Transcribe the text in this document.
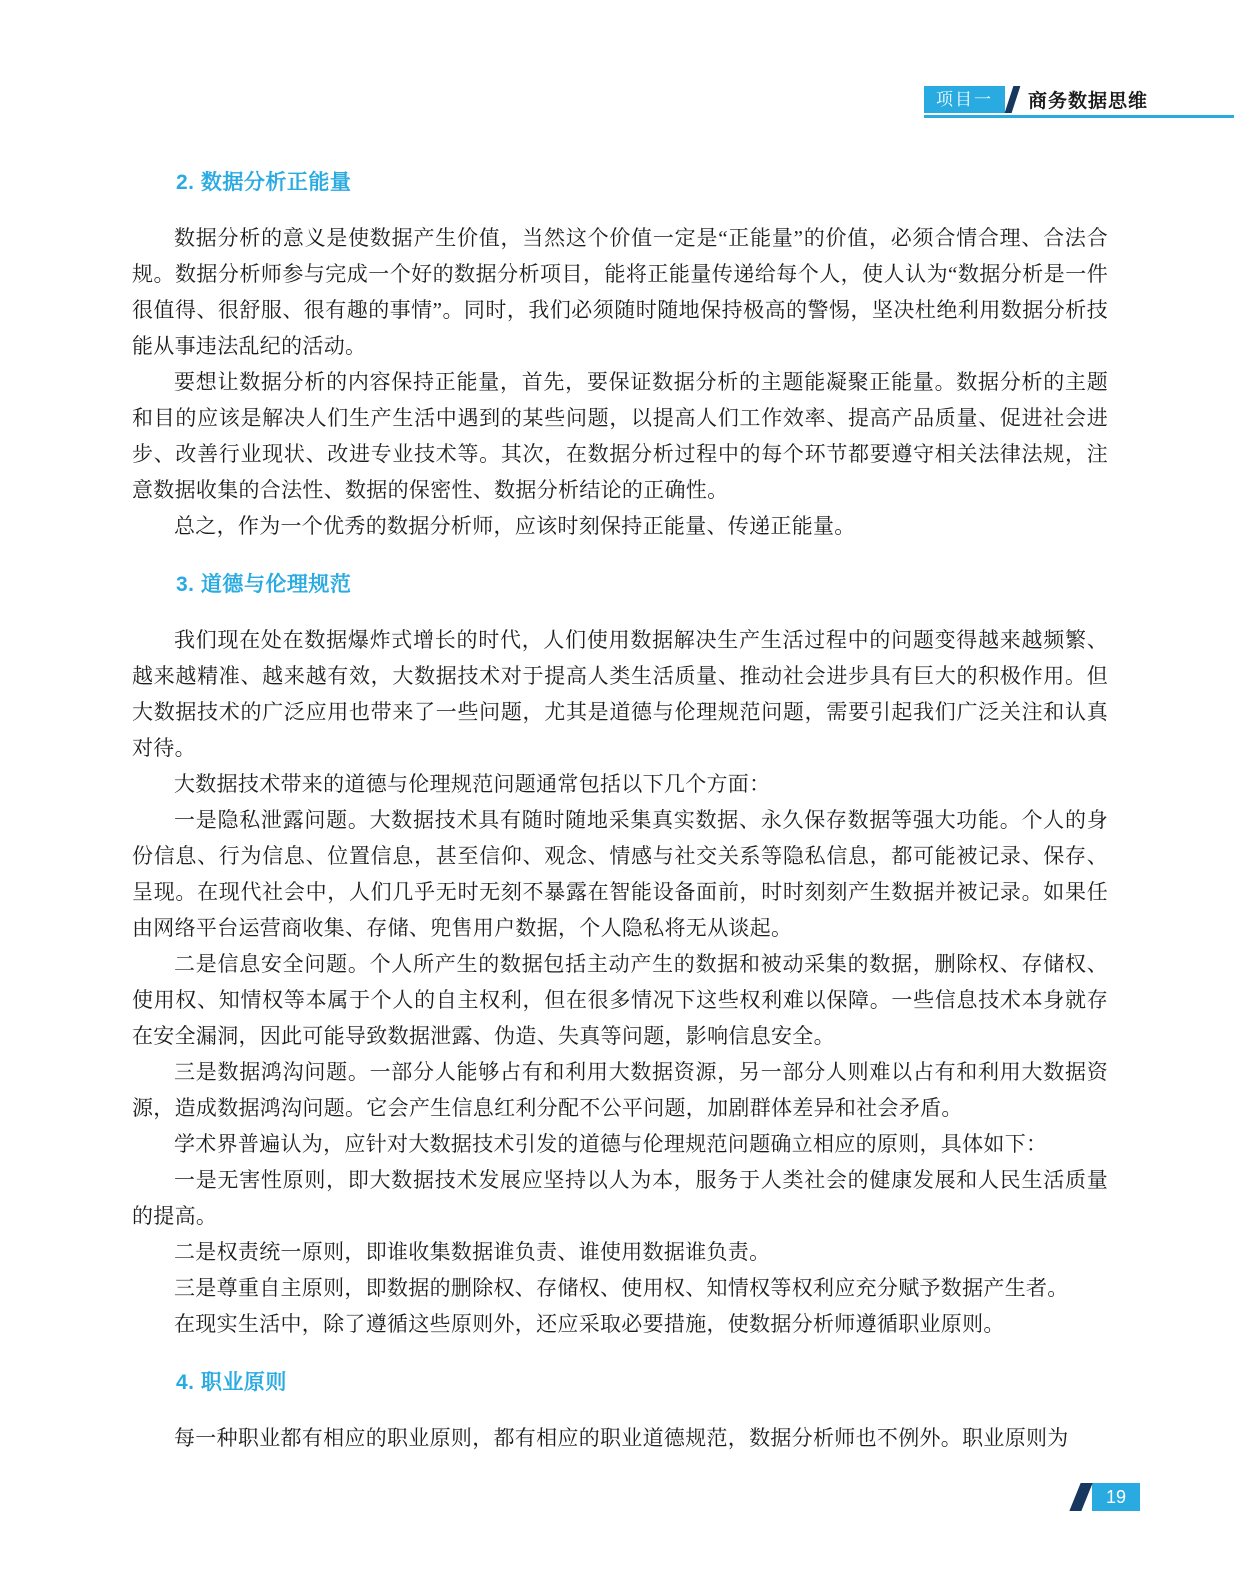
项目一	商务数据思维
2. 数据分析正能量

数据分析的意义是使数据产生价值，当然这个价值一定是“正能量”的价值，必须合情合理、合法合规。数据分析师参与完成一个好的数据分析项目，能将正能量传递给每个人，使人认为“数据分析是一件很值得、很舒服、很有趣的事情”。同时，我们必须随时随地保持极高的警惕，坚决杜绝利用数据分析技能从事违法乱纪的活动。

要想让数据分析的内容保持正能量，首先，要保证数据分析的主题能凝聚正能量。数据分析的主题和目的应该是解决人们生产生活中遇到的某些问题，以提高人们工作效率、提高产品质量、促进社会进步、改善行业现状、改进专业技术等。其次，在数据分析过程中的每个环节都要遵守相关法律法规，注意数据收集的合法性、数据的保密性、数据分析结论的正确性。

总之，作为一个优秀的数据分析师，应该时刻保持正能量、传递正能量。

3. 道德与伦理规范

我们现在处在数据爆炸式增长的时代，人们使用数据解决生产生活过程中的问题变得越来越频繁、越来越精准、越来越有效，大数据技术对于提高人类生活质量、推动社会进步具有巨大的积极作用。但大数据技术的广泛应用也带来了一些问题，尤其是道德与伦理规范问题，需要引起我们广泛关注和认真对待。

大数据技术带来的道德与伦理规范问题通常包括以下几个方面：

一是隐私泄露问题。大数据技术具有随时随地采集真实数据、永久保存数据等强大功能。个人的身份信息、行为信息、位置信息，甚至信仰、观念、情感与社交关系等隐私信息，都可能被记录、保存、呈现。在现代社会中，人们几乎无时无刻不暴露在智能设备面前，时时刻刻产生数据并被记录。如果任由网络平台运营商收集、存储、兜售用户数据，个人隐私将无从谈起。

二是信息安全问题。个人所产生的数据包括主动产生的数据和被动采集的数据，删除权、存储权、使用权、知情权等本属于个人的自主权利，但在很多情况下这些权利难以保障。一些信息技术本身就存在安全漏洞，因此可能导致数据泄露、伪造、失真等问题，影响信息安全。

三是数据鸿沟问题。一部分人能够占有和利用大数据资源，另一部分人则难以占有和利用大数据资源，造成数据鸿沟问题。它会产生信息红利分配不公平问题，加剧群体差异和社会矛盾。

学术界普遍认为，应针对大数据技术引发的道德与伦理规范问题确立相应的原则，具体如下：

一是无害性原则，即大数据技术发展应坚持以人为本，服务于人类社会的健康发展和人民生活质量的提高。

二是权责统一原则，即谁收集数据谁负责、谁使用数据谁负责。

三是尊重自主原则，即数据的删除权、存储权、使用权、知情权等权利应充分赋予数据产生者。

在现实生活中，除了遵循这些原则外，还应采取必要措施，使数据分析师遵循职业原则。

4. 职业原则

每一种职业都有相应的职业原则，都有相应的职业道德规范，数据分析师也不例外。职业原则为

19
